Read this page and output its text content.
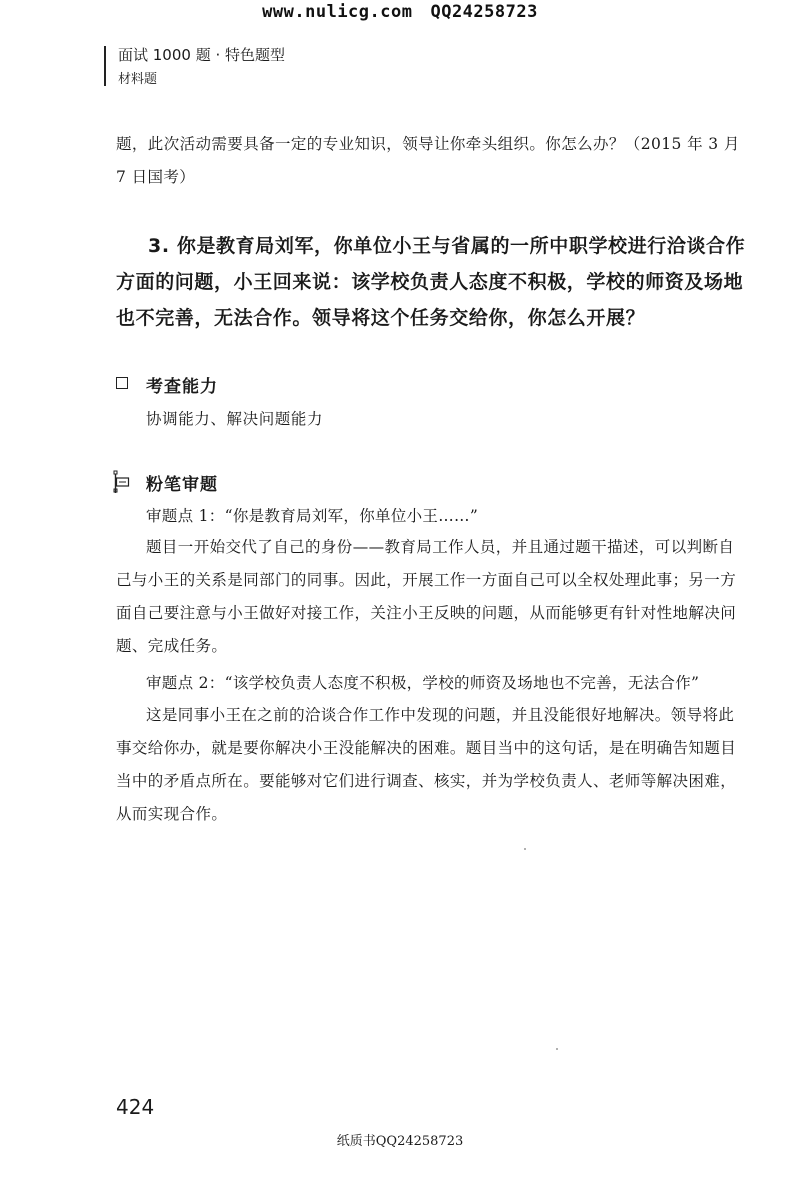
www.nulicg.com QQ24258723
面试 1000 题 · 特色题型
材料题
题，此次活动需要具备一定的专业知识，领导让你牵头组织。你怎么办？（2015 年 3 月 7 日国考）
3. 你是教育局刘军，你单位小王与省属的一所中职学校进行洽谈合作方面的问题，小王回来说：该学校负责人态度不积极，学校的师资及场地也不完善，无法合作。领导将这个任务交给你，你怎么开展？
考查能力
协调能力、解决问题能力
粉笔审题
审题点 1：“你是教育局刘军，你单位小王……”
题目一开始交代了自己的身份——教育局工作人员，并且通过题干描述，可以判断自己与小王的关系是同部门的同事。因此，开展工作一方面自己可以全权处理此事；另一方面自己要注意与小王做好对接工作，关注小王反映的问题，从而能够更有针对性地解决问题、完成任务。
审题点 2：“该学校负责人态度不积极，学校的师资及场地也不完善，无法合作”
这是同事小王在之前的洽谈合作工作中发现的问题，并且没能很好地解决。领导将此事交给你办，就是要你解决小王没能解决的困难。题目当中的这句话，是在明确告知题目当中的矛盾点所在。要能够对它们进行调查、核实，并为学校负责人、老师等解决困难，从而实现合作。
424
纸质书QQ24258723
